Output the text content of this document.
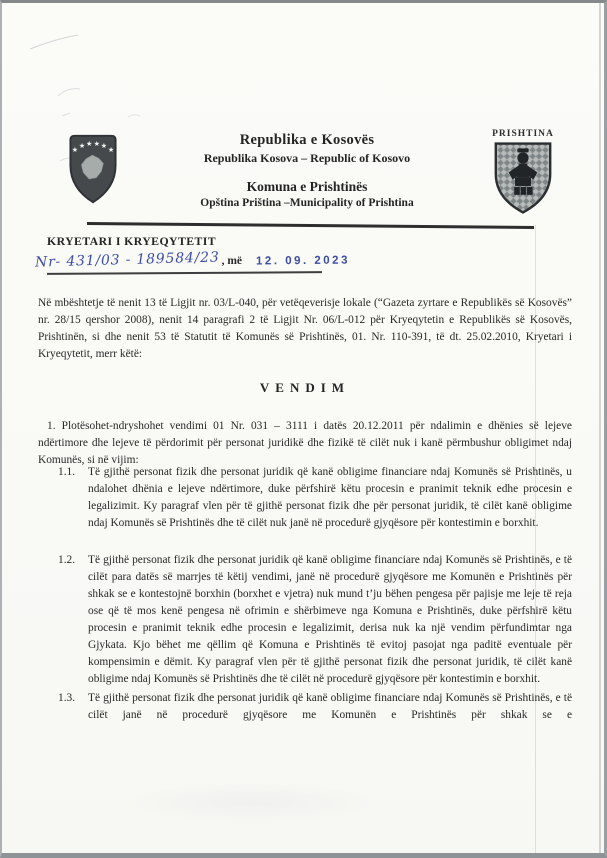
★ ★ ★ ★ ★ ★
Republika e Kosovës
Republika Kosova – Republic of Kosovo
Komuna e Prishtinës
Opština Priština –Municipality of Prishtina
PRISHTINA
KRYETARI I KRYEQYTETIT
Nr- 431/03 - 189584/23 , më 12. 09. 2023

Në mbështetje të nenit 13 të Ligjit nr. 03/L-040, për vetëqeverisje lokale (“Gazeta zyrtare e Republikës së Kosovës” nr. 28/15 qershor 2008), nenit 14 paragrafi 2 të Ligjit Nr. 06/L-012 për Kryeqytetin e Republikës së Kosovës, Prishtinën, si dhe nenit 53 të Statutit të Komunës së Prishtinës, 01. Nr. 110-391, të dt. 25.02.2010, Kryetari i Kryeqytetit, merr këtë:

VENDIM

1. Plotësohet-ndryshohet vendimi 01 Nr. 031 – 3111 i datës 20.12.2011 për ndalimin e dhënies së lejeve ndërtimore dhe lejeve të përdorimit për personat juridikë dhe fizikë të cilët nuk i kanë përmbushur obligimet ndaj Komunës, si në vijim:

1.1. Të gjithë personat fizik dhe personat juridik që kanë obligime financiare ndaj Komunës së Prishtinës, u ndalohet dhënia e lejeve ndërtimore, duke përfshirë këtu procesin e pranimit teknik edhe procesin e legalizimit. Ky paragraf vlen për të gjithë personat fizik dhe për personat juridik, të cilët kanë obligime ndaj Komunës së Prishtinës dhe të cilët nuk janë në procedurë gjyqësore për kontestimin e borxhit.
1.2. Të gjithë personat fizik dhe personat juridik që kanë obligime financiare ndaj Komunës së Prishtinës, e të cilët para datës së marrjes të këtij vendimi, janë në procedurë gjyqësore me Komunën e Prishtinës për shkak se e kontestojnë borxhin (borxhet e vjetra) nuk mund t’ju bëhen pengesa për pajisje me leje të reja ose që të mos kenë pengesa në ofrimin e shërbimeve nga Komuna e Prishtinës, duke përfshirë këtu procesin e pranimit teknik edhe procesin e legalizimit, derisa nuk ka një vendim përfundimtar nga Gjykata. Kjo bëhet me qëllim që Komuna e Prishtinës të evitoj pasojat nga paditë eventuale për kompensimin e dëmit. Ky paragraf vlen për të gjithë personat fizik dhe personat juridik, të cilët kanë obligime ndaj Komunës së Prishtinës dhe të cilët në procedurë gjyqësore për kontestimin e borxhit.
1.3. Të gjithë personat fizik dhe personat juridik që kanë obligime financiare ndaj Komunës së Prishtinës, e të cilët janë në procedurë gjyqësore me Komunën e Prishtinës për shkak se e
